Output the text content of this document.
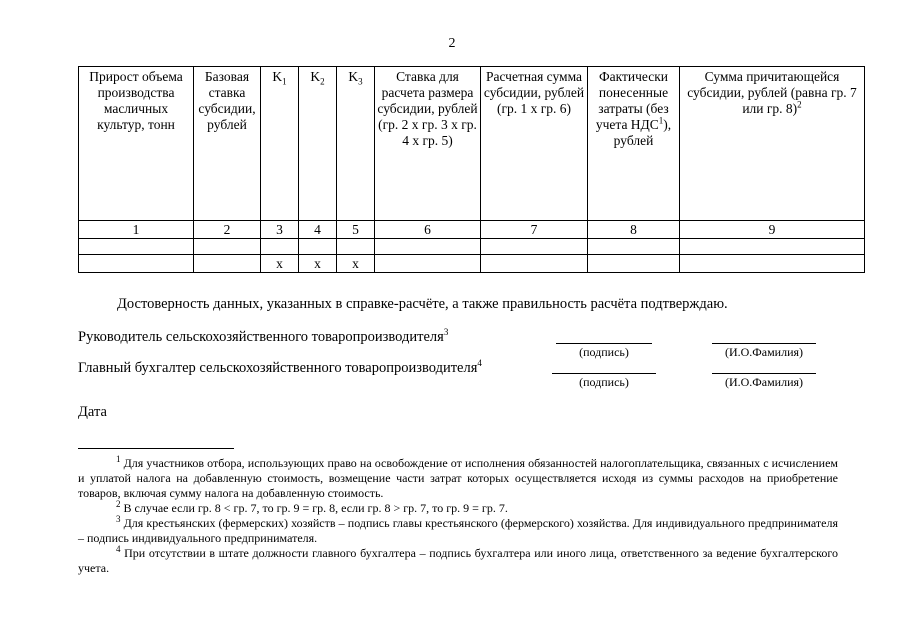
2
Прирост объема производства масличных культур, тонн	Базовая ставка субсидии, рублей	$K_1$	$K_2$	$K_3$	Ставка для расчета размера субсидии, рублей (гр. 2 x гр. 3 x гр. 4 x гр. 5)	Расчетная сумма субсидии, рублей (гр. 1 x гр. 6)	Фактически понесенные затраты (без учета НДС$^1$), рублей	Сумма причитающейся субсидии, рублей (равна гр. 7 или гр. 8)$^2$
1	2	3	4	5	6	7	8	9

		x	x	x				
Достоверность данных, указанных в справке-расчёте, а также правильность расчёта подтверждаю.
Руководитель сельскохозяйственного товаропроизводителя$^3$
(подпись)	(И.О.Фамилия)
Главный бухгалтер сельскохозяйственного товаропроизводителя$^4$
(подпись)	(И.О.Фамилия)
Дата

$^1$ Для участников отбора, использующих право на освобождение от исполнения обязанностей налогоплательщика, связанных с исчислением и уплатой налога на добавленную стоимость, возмещение части затрат которых осуществляется исходя из суммы расходов на приобретение товаров, включая сумму налога на добавленную стоимость.

$^2$ В случае если гр. 8 < гр. 7, то гр. 9 = гр. 8, если гр. 8 > гр. 7, то гр. 9 = гр. 7.

$^3$ Для крестьянских (фермерских) хозяйств – подпись главы крестьянского (фермерского) хозяйства. Для индивидуального предпринимателя – подпись индивидуального предпринимателя.

$^4$ При отсутствии в штате должности главного бухгалтера – подпись бухгалтера или иного лица, ответственного за ведение бухгалтерского учета.
